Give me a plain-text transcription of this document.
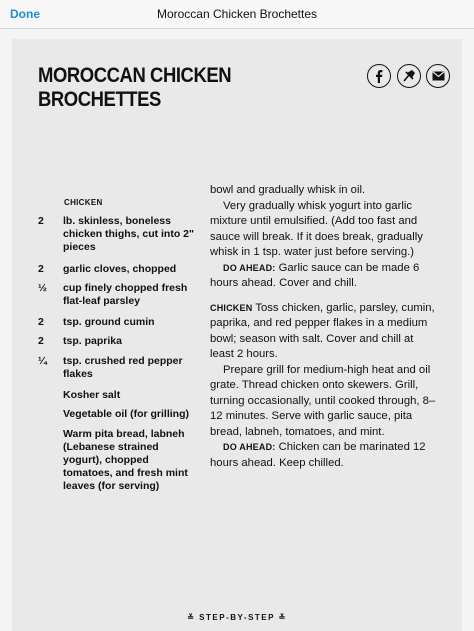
Done	Moroccan Chicken Brochettes
MOROCCAN CHICKEN
BROCHETTES
CHICKEN
2 lb. skinless, boneless chicken thighs, cut into 2" pieces
2 garlic cloves, chopped
½ cup finely chopped fresh flat-leaf parsley
2 tsp. ground cumin
2 tsp. paprika
¼ tsp. crushed red pepper flakes
Kosher salt
Vegetable oil (for grilling)
Warm pita bread, labneh (Lebanese strained yogurt), chopped tomatoes, and fresh mint leaves (for serving)

bowl and gradually whisk in oil.

Very gradually whisk yogurt into garlic mixture until emulsified. (Add too fast and sauce will break. If it does break, gradually whisk in 1 tsp. water just before serving.)

DO AHEAD: Garlic sauce can be made 6 hours ahead. Cover and chill.

CHICKEN Toss chicken, garlic, parsley, cumin, paprika, and red pepper flakes in a medium bowl; season with salt. Cover and chill at least 2 hours.

Prepare grill for medium-high heat and oil grate. Thread chicken onto skewers. Grill, turning occasionally, until cooked through, 8–12 minutes. Serve with garlic sauce, pita bread, labneh, tomatoes, and mint.

DO AHEAD: Chicken can be marinated 12 hours ahead. Keep chilled.

≚ STEP-BY-STEP ≚
